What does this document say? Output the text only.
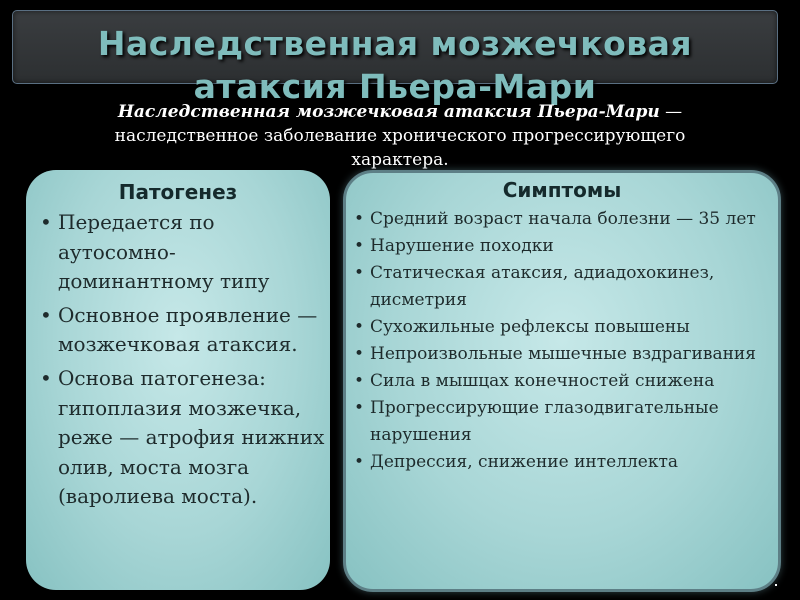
Наследственная мозжечковая
атаксия Пьера-Мари
Наследственная мозжечковая атаксия Пьера-Мари —
наследственное заболевание хронического прогрессирующего
характера.
Патогенез
• Передается по аутосомно-доминантному типу
• Основное проявление — мозжечковая атаксия.
• Основа патогенеза: гипоплазия мозжечка, реже — атрофия нижних олив, моста мозга (варолиева моста).
Симптомы
• Средний возраст начала болезни — 35 лет
• Нарушение походки
• Статическая атаксия, адиадохокинез, дисметрия
• Сухожильные рефлексы повышены
• Непроизвольные мышечные вздрагивания
• Сила в мышцах конечностей снижена
• Прогрессирующие глазодвигательные нарушения
• Депрессия, снижение интеллекта
